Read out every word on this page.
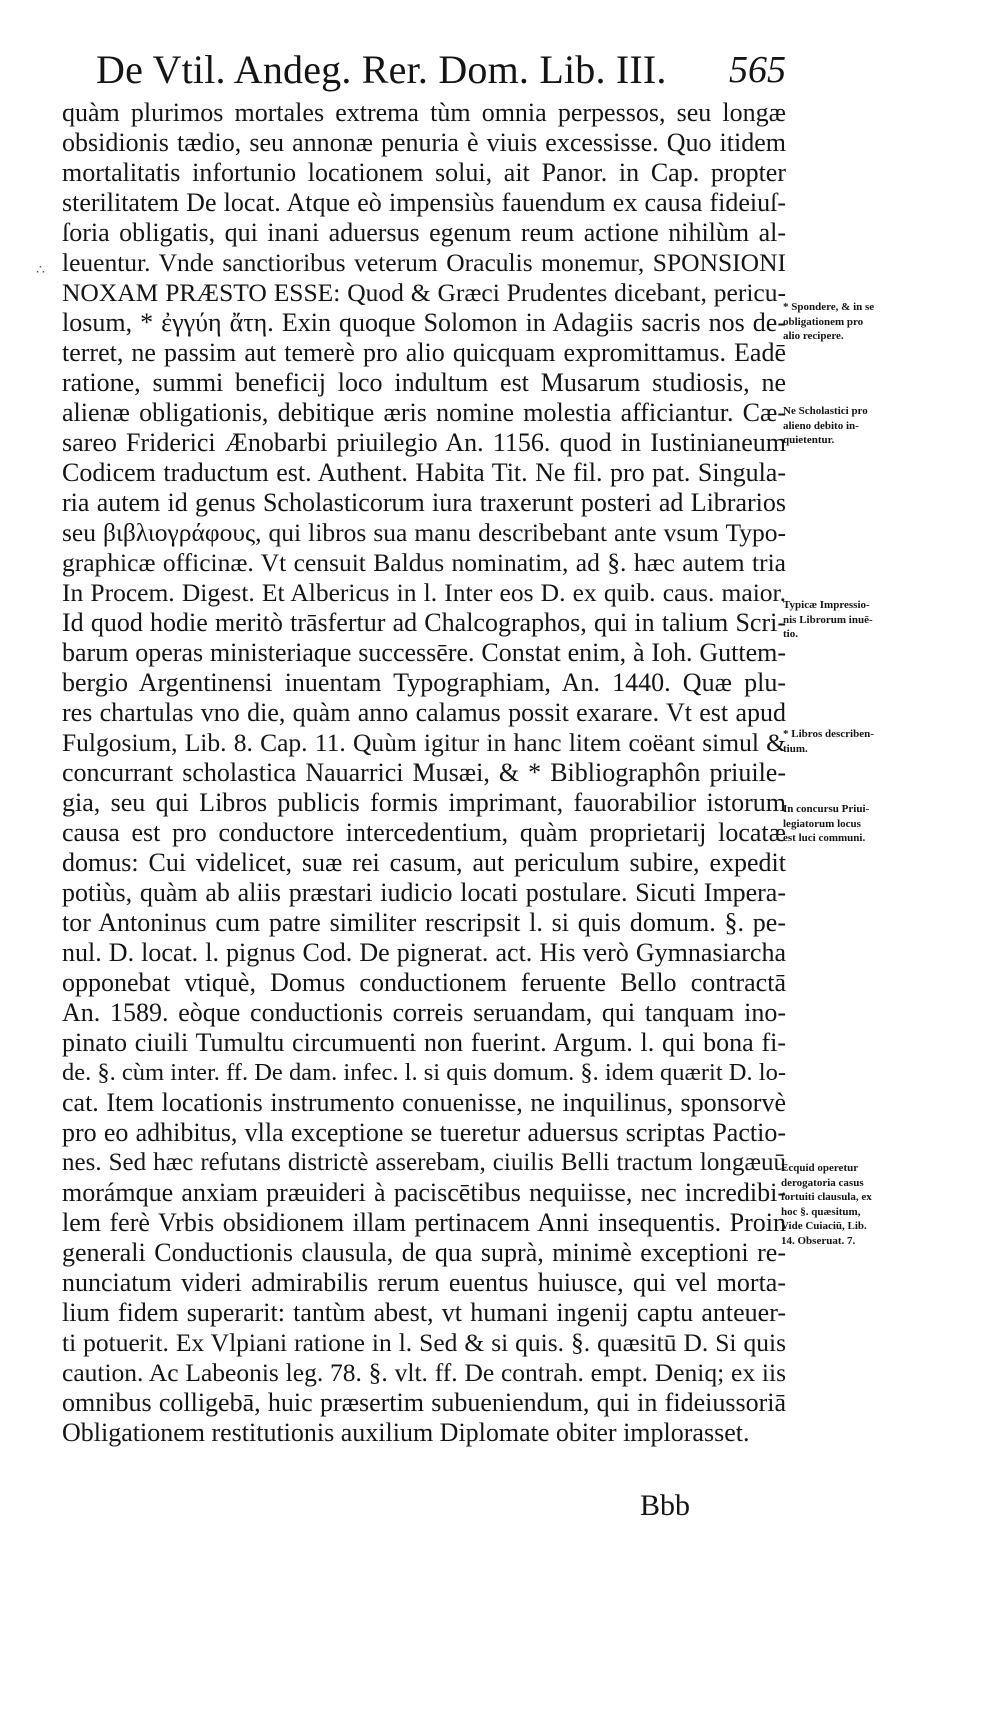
De Vtil. Andeg. Rer. Dom. Lib. III. 565
∴
quàm plurimos mortales extrema tùm omnia perpessos, seu longæ
obsidionis tædio, seu annonæ penuria è viuis excessisse. Quo itidem
mortalitatis infortunio locationem solui, ait Panor. in Cap. propter
sterilitatem De locat. Atque eò impensiùs fauendum ex causa fideiuſ-
ſoria obligatis, qui inani aduersus egenum reum actione nihilùm al-
leuentur. Vnde sanctioribus veterum Oraculis monemur, SPONSIONI
NOXAM PRÆSTO ESSE: Quod & Græci Prudentes dicebant, pericu-
losum, * ἐγγύη ἄτη. Exin quoque Solomon in Adagiis sacris nos de-
terret, ne passim aut temerè pro alio quicquam expromittamus. Eadē
ratione, summi beneficij loco indultum est Musarum studiosis, ne
alienæ obligationis, debitique æris nomine molestia afficiantur. Cæ-
sareo Friderici Ænobarbi priuilegio An. 1156. quod in Iustinianeum
Codicem traductum est. Authent. Habita Tit. Ne fil. pro pat. Singula-
ria autem id genus Scholasticorum iura traxerunt posteri ad Librarios
seu βιβλιογράφους, qui libros sua manu describebant ante vsum Typo-
graphicæ officinæ. Vt censuit Baldus nominatim, ad §. hæc autem tria
In Procem. Digest. Et Albericus in l. Inter eos D. ex quib. caus. maior.
Id quod hodie meritò trāsfertur ad Chalcographos, qui in talium Scri-
barum operas ministeriaque successēre. Constat enim, à Ioh. Guttem-
bergio Argentinensi inuentam Typographiam, An. 1440. Quæ plu-
res chartulas vno die, quàm anno calamus possit exarare. Vt est apud
Fulgosium, Lib. 8. Cap. 11. Quùm igitur in hanc litem coëant simul &
concurrant scholastica Nauarrici Musæi, & * Bibliographôn priuile-
gia, seu qui Libros publicis formis imprimant, fauorabilior istorum
causa est pro conductore intercedentium, quàm proprietarij locatæ
domus: Cui videlicet, suæ rei casum, aut periculum subire, expedit
potiùs, quàm ab aliis præstari iudicio locati postulare. Sicuti Impera-
tor Antoninus cum patre similiter rescripsit l. si quis domum. §. pe-
nul. D. locat. l. pignus Cod. De pignerat. act. His verò Gymnasiarcha
opponebat vtiquè, Domus conductionem feruente Bello contractā
An. 1589. eòque conductionis correis seruandam, qui tanquam ino-
pinato ciuili Tumultu circumuenti non fuerint. Argum. l. qui bona fi-
de. §. cùm inter. ff. De dam. infec. l. si quis domum. §. idem quærit D. lo-
cat. Item locationis instrumento conuenisse, ne inquilinus, sponsorvè
pro eo adhibitus, vlla exceptione se tueretur aduersus scriptas Pactio-
nes. Sed hæc refutans districtè asserebam, ciuilis Belli tractum longæuū
morámque anxiam præuideri à paciscētibus nequiisse, nec incredibi-
lem ferè Vrbis obsidionem illam pertinacem Anni insequentis. Proin
generali Conductionis clausula, de qua suprà, minimè exceptioni re-
nunciatum videri admirabilis rerum euentus huiusce, qui vel morta-
lium fidem superarit: tantùm abest, vt humani ingenij captu anteuer-
ti potuerit. Ex Vlpiani ratione in l. Sed & si quis. §. quæsitū D. Si quis
caution. Ac Labeonis leg. 78. §. vlt. ff. De contrah. empt. Deniq; ex iis
omnibus colligebā, huic præsertim subueniendum, qui in fideiussoriā
Obligationem restitutionis auxilium Diplomate obiter implorasset.
* Spondere, & in se
obligationem pro
alio recipere.
Ne Scholastici pro
alieno debito in-
quietentur.
Typicæ Impressio-
nis Librorum inuē-
tio.
* Libros describen-
tium.
In concursu Priui-
legiatorum locus
est luci communi.
Ecquid operetur
derogatoria casus
fortuiti clausula, ex
hoc §. quæsitum,
Vide Cuiaciū, Lib.
14. Obseruat. 7.
Bbb
